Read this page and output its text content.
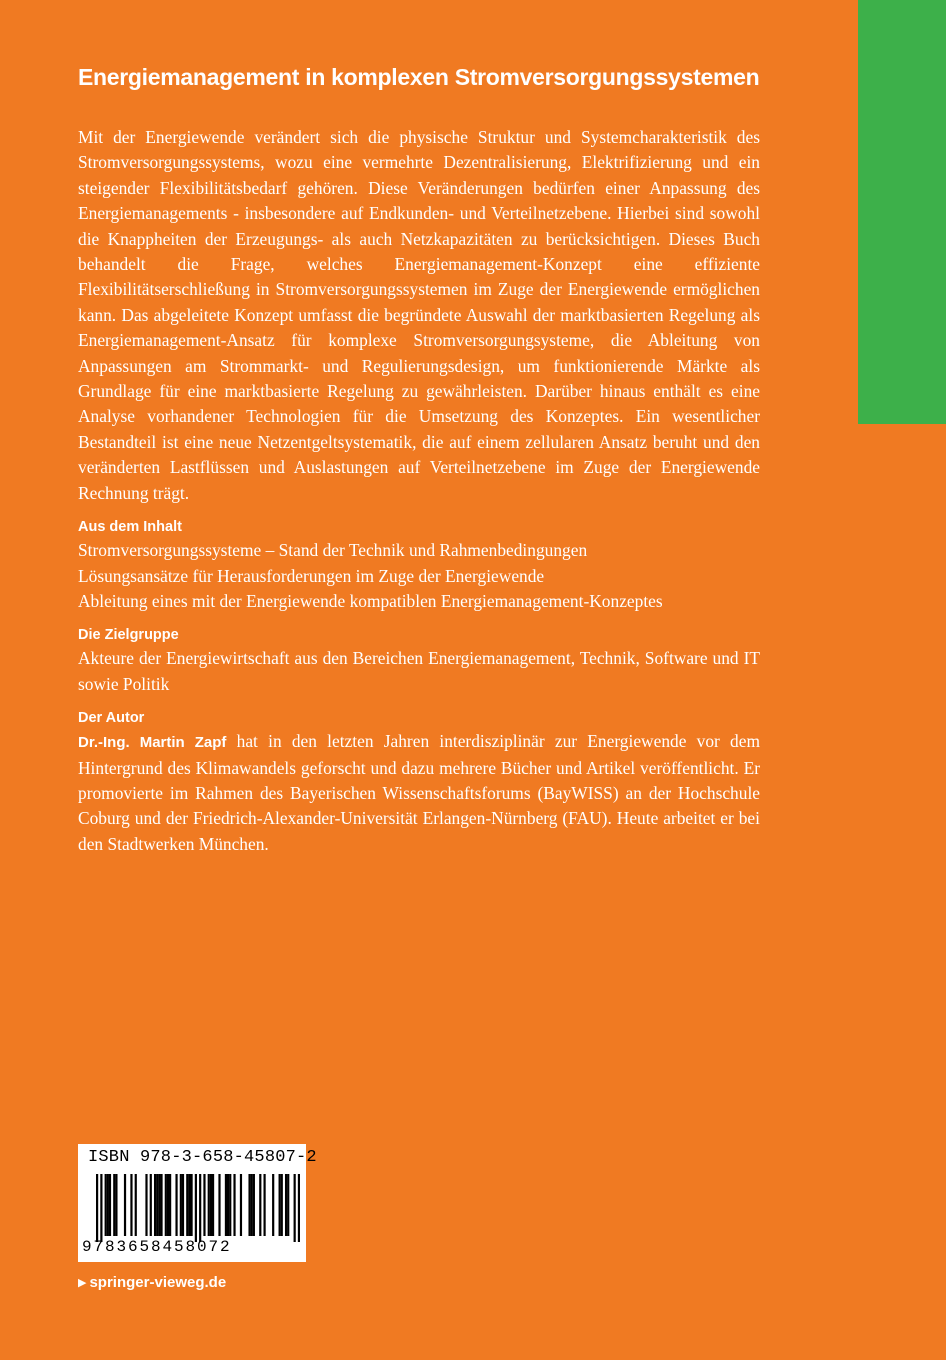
Energiemanagement in komplexen Stromversorgungssystemen

Mit der Energiewende verändert sich die physische Struktur und Systemcharakteristik des Stromversorgungssystems, wozu eine vermehrte Dezentralisierung, Elektrifizierung und ein steigender Flexibilitätsbedarf gehören. Diese Veränderungen bedürfen einer Anpassung des Energiemanagements - insbesondere auf Endkunden- und Verteilnetzebene. Hierbei sind sowohl die Knappheiten der Erzeugungs- als auch Netzkapazitäten zu berücksichtigen. Dieses Buch behandelt die Frage, welches Energiemanagement-Konzept eine effiziente Flexibilitätserschließung in Stromversorgungssystemen im Zuge der Energiewende ermöglichen kann. Das abgeleitete Konzept umfasst die begründete Auswahl der marktbasierten Regelung als Energiemanagement-Ansatz für komplexe Stromversorgungsysteme, die Ableitung von Anpassungen am Strommarkt- und Regulierungsdesign, um funktionierende Märkte als Grundlage für eine marktbasierte Regelung zu gewährleisten. Darüber hinaus enthält es eine Analyse vorhandener Technologien für die Umsetzung des Konzeptes. Ein wesentlicher Bestandteil ist eine neue Netzentgeltsystematik, die auf einem zellularen Ansatz beruht und den veränderten Lastflüssen und Auslastungen auf Verteilnetzebene im Zuge der Energiewende Rechnung trägt.

Aus dem Inhalt
Stromversorgungssysteme – Stand der Technik und Rahmenbedingungen
Lösungsansätze für Herausforderungen im Zuge der Energiewende
Ableitung eines mit der Energiewende kompatiblen Energiemanagement-Konzeptes
Die Zielgruppe

Akteure der Energiewirtschaft aus den Bereichen Energiemanagement, Technik, Software und IT sowie Politik

Der Autor

Dr.-Ing. Martin Zapf hat in den letzten Jahren interdisziplinär zur Energiewende vor dem Hintergrund des Klimawandels geforscht und dazu mehrere Bücher und Artikel veröffentlicht. Er promovierte im Rahmen des Bayerischen Wissenschaftsforums (BayWISS) an der Hochschule Coburg und der Friedrich-Alexander-Universität Erlangen-Nürnberg (FAU). Heute arbeitet er bei den Stadtwerken München.

ISBN 978-3-658-45807-2
9783658458072
▶ springer-vieweg.de
